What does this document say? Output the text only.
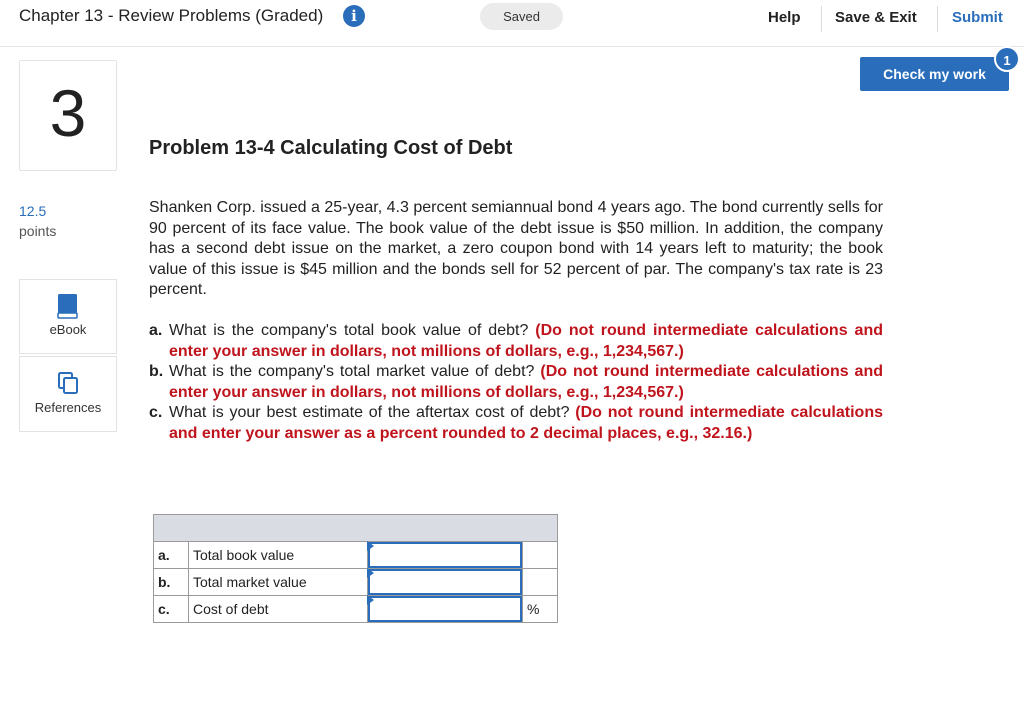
Chapter 13 - Review Problems (Graded)	i	Saved	Help Save & Exit Submit
Check my work
1
3
12.5
points
eBook
References
Problem 13-4 Calculating Cost of Debt
Shanken Corp. issued a 25-year, 4.3 percent semiannual bond 4 years ago. The bond currently sells for 90 percent of its face value. The book value of the debt issue is $50 million. In addition, the company has a second debt issue on the market, a zero coupon bond with 14 years left to maturity; the book value of this issue is $45 million and the bonds sell for 52 percent of par. The company's tax rate is 23 percent.
a. What is the company's total book value of debt? (Do not round intermediate calculations and enter your answer in dollars, not millions of dollars, e.g., 1,234,567.)
b. What is the company's total market value of debt? (Do not round intermediate calculations and enter your answer in dollars, not millions of dollars, e.g., 1,234,567.)
c. What is your best estimate of the aftertax cost of debt? (Do not round intermediate calculations and enter your answer as a percent rounded to 2 decimal places, e.g., 32.16.)

a.	Total book value	

b.	Total market value	

c.	Cost of debt		%
